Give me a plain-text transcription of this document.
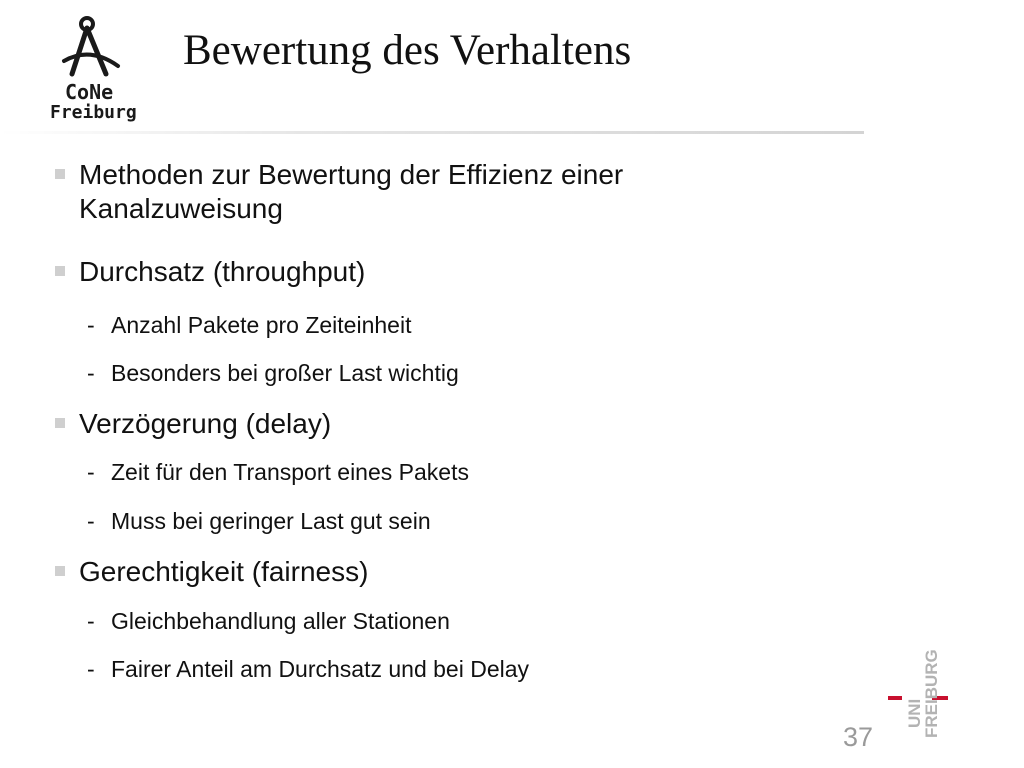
CoNe
Freiburg
Bewertung des Verhaltens
Methoden zur Bewertung der Effizienz einer
Kanalzuweisung
Durchsatz (throughput)
- Anzahl Pakete pro Zeiteinheit
- Besonders bei großer Last wichtig
Verzögerung (delay)
- Zeit für den Transport eines Pakets
- Muss bei geringer Last gut sein
Gerechtigkeit (fairness)
- Gleichbehandlung aller Stationen
- Fairer Anteil am Durchsatz und bei Delay
37
UNI
FREIBURG
